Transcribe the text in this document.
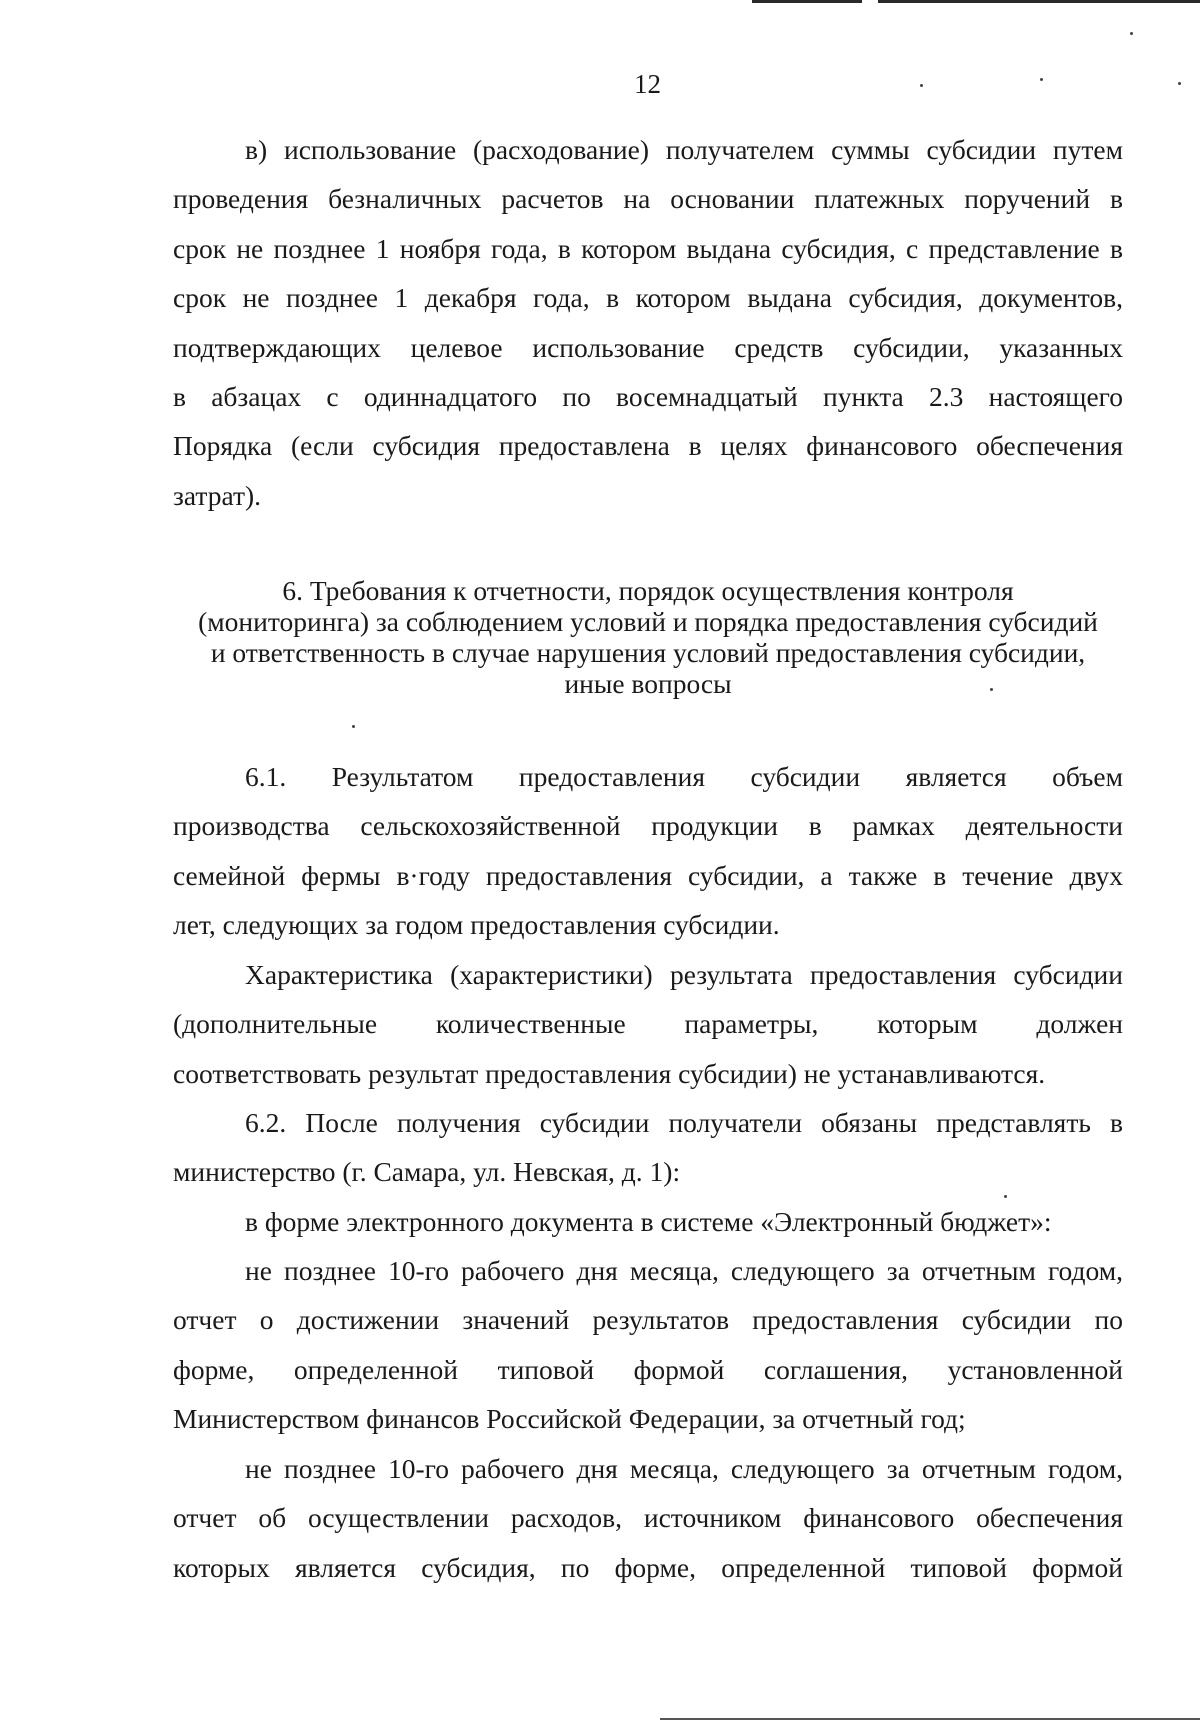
12
в) использование (расходование) получателем суммы субсидии путем
проведения безналичных расчетов на основании платежных поручений в
срок не позднее 1 ноября года, в котором выдана субсидия, с представление в
срок не позднее 1 декабря года, в котором выдана субсидия, документов,
подтверждающих целевое использование средств субсидии, указанных
в абзацах с одиннадцатого по восемнадцатый пункта 2.3 настоящего
Порядка (если субсидия предоставлена в целях финансового обеспечения
затрат).
6. Требования к отчетности, порядок осуществления контроля
(мониторинга) за соблюдением условий и порядка предоставления субсидий
и ответственность в случае нарушения условий предоставления субсидии,
иные вопросы
6.1. Результатом предоставления субсидии является объем
производства сельскохозяйственной продукции в рамках деятельности
семейной фермы в·году предоставления субсидии, а также в течение двух
лет, следующих за годом предоставления субсидии.
Характеристика (характеристики) результата предоставления субсидии
(дополнительные количественные параметры, которым должен
соответствовать результат предоставления субсидии) не устанавливаются.
6.2. После получения субсидии получатели обязаны представлять в
министерство (г. Самара, ул. Невская, д. 1):
в форме электронного документа в системе «Электронный бюджет»:
не позднее 10-го рабочего дня месяца, следующего за отчетным годом,
отчет о достижении значений результатов предоставления субсидии по
форме, определенной типовой формой соглашения, установленной
Министерством финансов Российской Федерации, за отчетный год;
не позднее 10-го рабочего дня месяца, следующего за отчетным годом,
отчет об осуществлении расходов, источником финансового обеспечения
которых является субсидия, по форме, определенной типовой формой
